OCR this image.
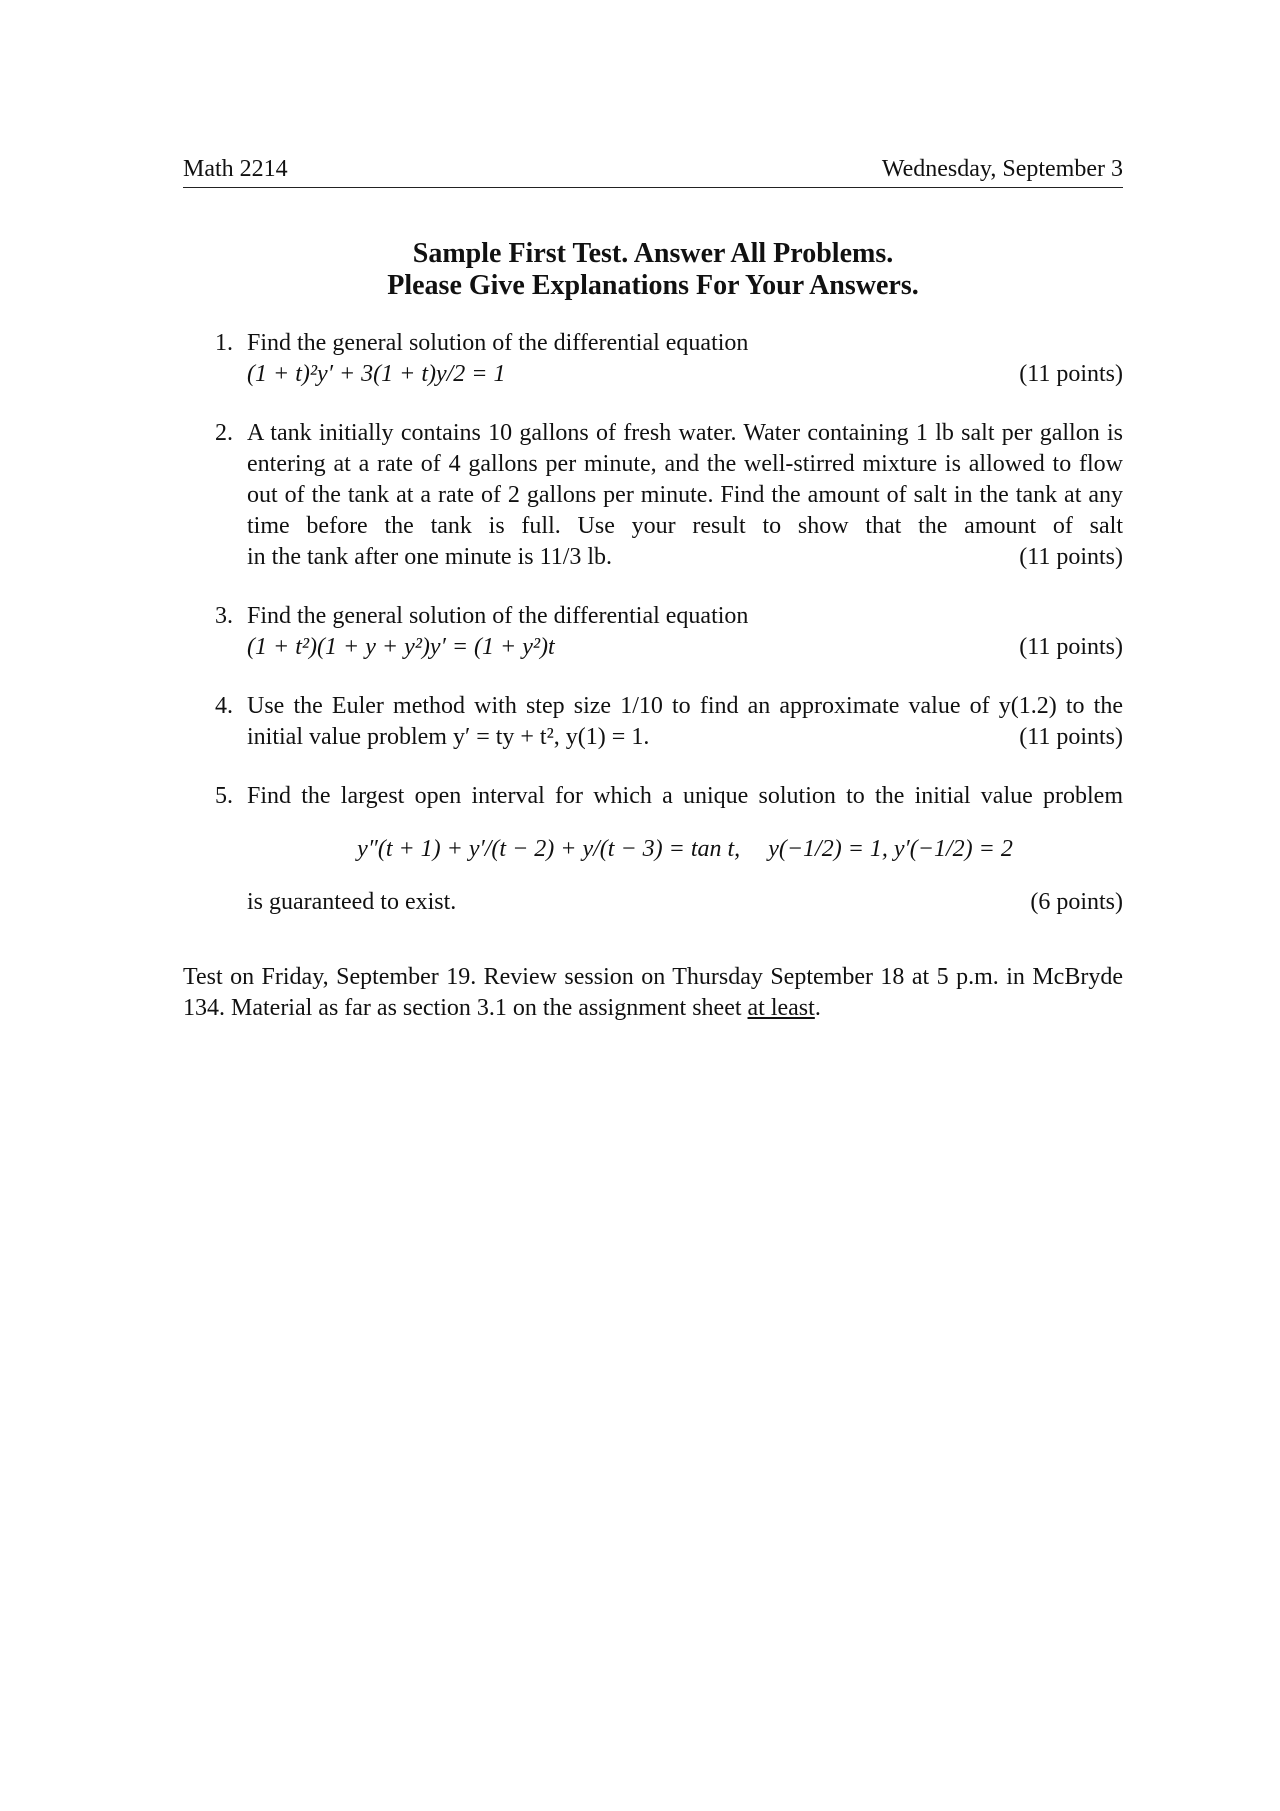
Math 2214	Wednesday, September 3
Sample First Test. Answer All Problems.
Please Give Explanations For Your Answers.
1. Find the general solution of the differential equation
(1 + t)²y′ + 3(1 + t)y/2 = 1	(11 points)
2. A tank initially contains 10 gallons of fresh water. Water containing 1 lb salt per gallon is entering at a rate of 4 gallons per minute, and the well-stirred mixture is allowed to flow out of the tank at a rate of 2 gallons per minute. Find the amount of salt in the tank at any time before the tank is full. Use your result to show that the amount of salt
in the tank after one minute is 11/3 lb.	(11 points)
3. Find the general solution of the differential equation
(1 + t²)(1 + y + y²)y′ = (1 + y²)t	(11 points)
4. Use the Euler method with step size 1/10 to find an approximate value of y(1.2) to the
initial value problem y′ = ty + t², y(1) = 1.	(11 points)
5. Find the largest open interval for which a unique solution to the initial value problem
y″(t + 1) + y′/(t − 2) + y/(t − 3) = tan t, y(−1/2) = 1, y′(−1/2) = 2
is guaranteed to exist.	(6 points)
Test on Friday, September 19. Review session on Thursday September 18 at 5 p.m. in McBryde 134. Material as far as section 3.1 on the assignment sheet at least.
